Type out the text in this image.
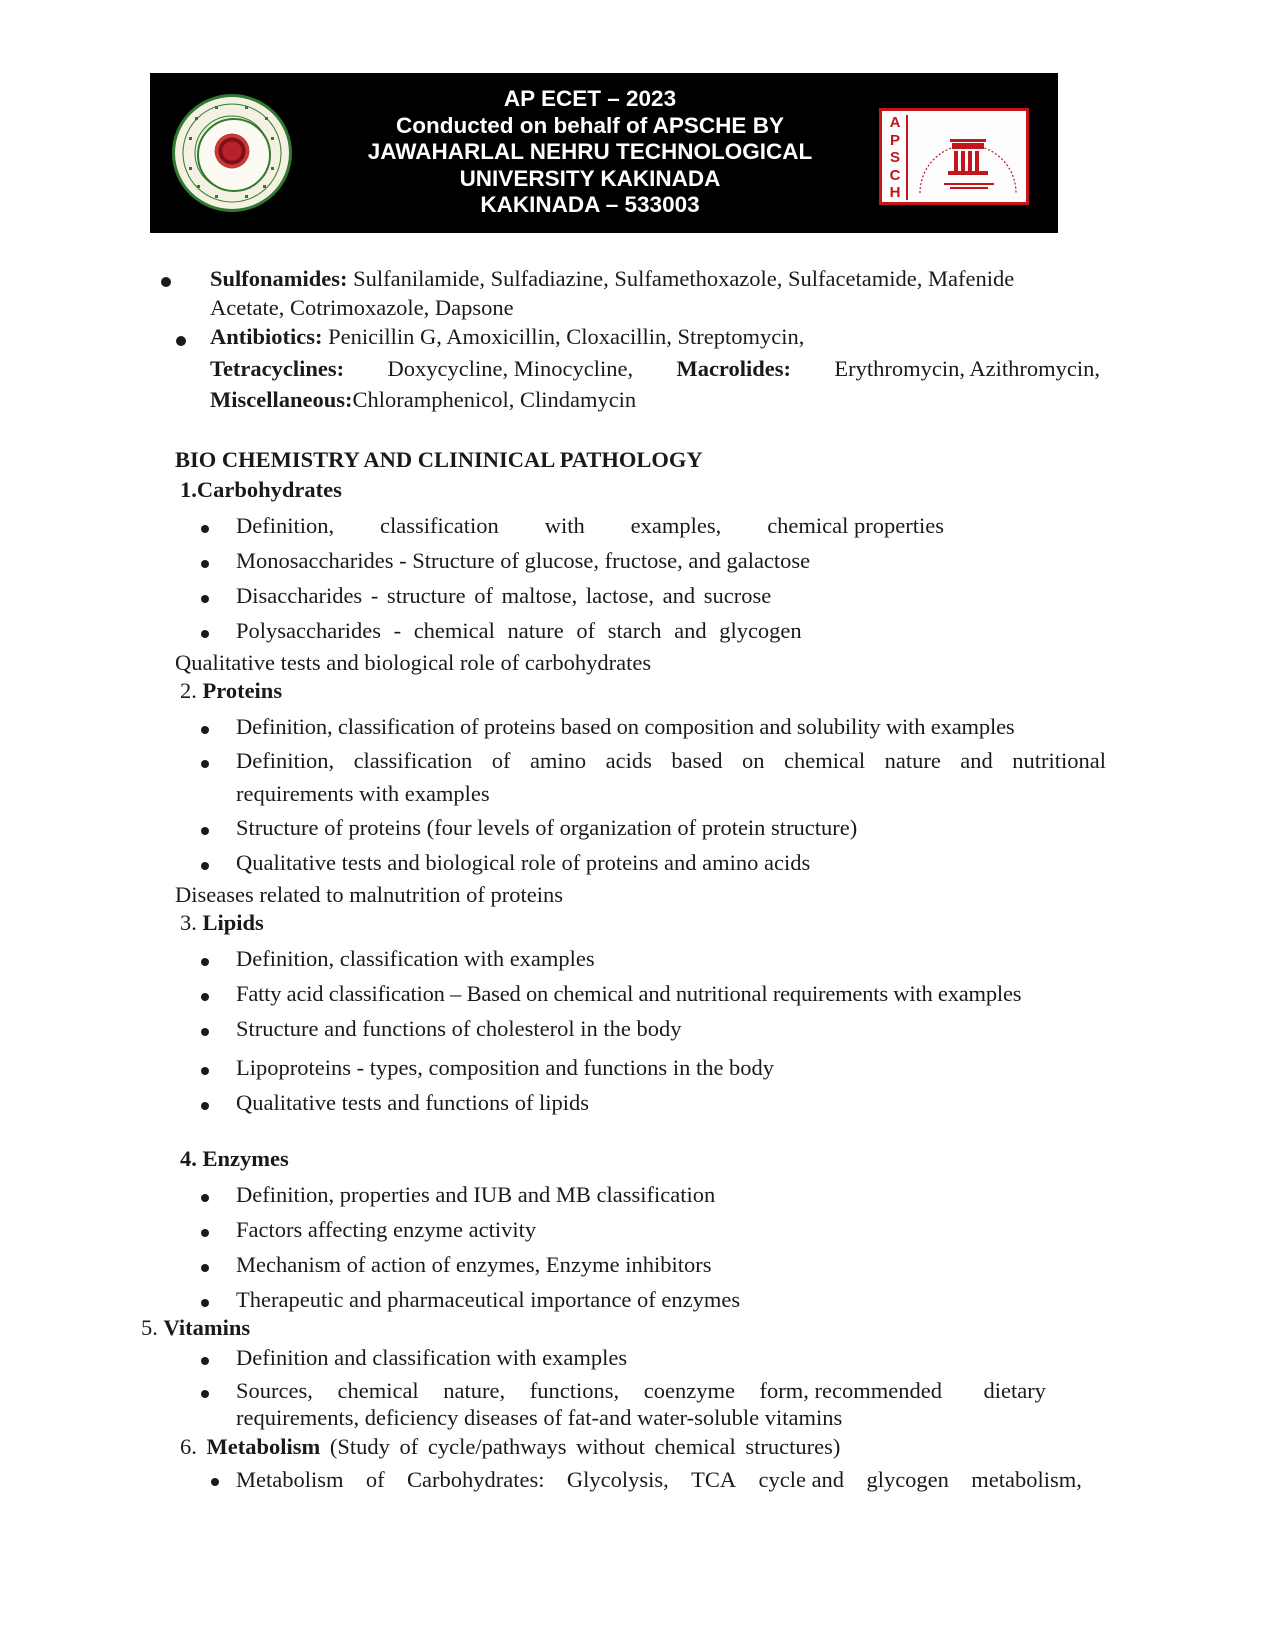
AP ECET – 2023
Conducted on behalf of APSCHE BY
JAWAHARLAL NEHRU TECHNOLOGICAL
UNIVERSITY KAKINADA
KAKINADA – 533003
A
P
S
C
H
Sulfonamides: Sulfanilamide, Sulfadiazine, Sulfamethoxazole, Sulfacetamide, Mafenide
Acetate, Cotrimoxazole, Dapsone
Antibiotics: Penicillin G, Amoxicillin, Cloxacillin, Streptomycin,
Tetracyclines: Doxycycline, Minocycline, Macrolides: Erythromycin, Azithromycin,
Miscellaneous:Chloramphenicol, Clindamycin
BIO CHEMISTRY AND CLININICAL PATHOLOGY
1.Carbohydrates
Definition, classification with examples, chemical properties
Monosaccharides - Structure of glucose, fructose, and galactose
Disaccharides - structure of maltose, lactose, and sucrose
Polysaccharides - chemical nature of starch and glycogen
Qualitative tests and biological role of carbohydrates
2. Proteins
Definition, classification of proteins based on composition and solubility with examples
Definition, classification of amino acids based on chemical nature and nutritional
requirements with examples
Structure of proteins (four levels of organization of protein structure)
Qualitative tests and biological role of proteins and amino acids
Diseases related to malnutrition of proteins
3. Lipids
Definition, classification with examples
Fatty acid classification – Based on chemical and nutritional requirements with examples
Structure and functions of cholesterol in the body
Lipoproteins - types, composition and functions in the body
Qualitative tests and functions of lipids
4. Enzymes
Definition, properties and IUB and MB classification
Factors affecting enzyme activity
Mechanism of action of enzymes, Enzyme inhibitors
Therapeutic and pharmaceutical importance of enzymes
5. Vitamins
Definition and classification with examples
Sources, chemical nature, functions, coenzyme form, recommended dietary
requirements, deficiency diseases of fat-and water-soluble vitamins
6. Metabolism (Study of cycle/pathways without chemical structures)
Metabolism of Carbohydrates: Glycolysis, TCA cycle and glycogen metabolism,
